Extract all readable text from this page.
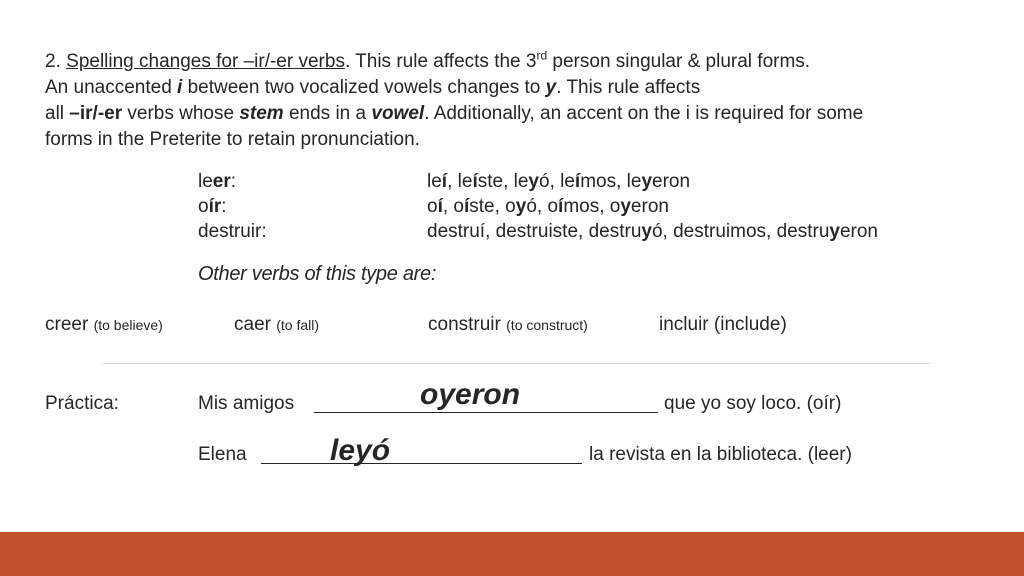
2. Spelling changes for –ir/-er verbs. This rule affects the 3rd person singular & plural forms.
An unaccented i between two vocalized vowels changes to y. This rule affects
all –ir/-er verbs whose stem ends in a vowel. Additionally, an accent on the i is required for some
forms in the Preterite to retain pronunciation.
leer:	leí, leíste, leyó, leímos, leyeron
oír:	oí, oíste, oyó, oímos, oyeron
destruir:	destruí, destruiste, destruyó, destruimos, destruyeron
Other verbs of this type are:
creer (to believe)	caer (to fall)	construir (to construct)	incluir (include)
Práctica:	Mis amigos	oyeron	que yo soy loco. (oír)
Elena	leyó	la revista en la biblioteca. (leer)
